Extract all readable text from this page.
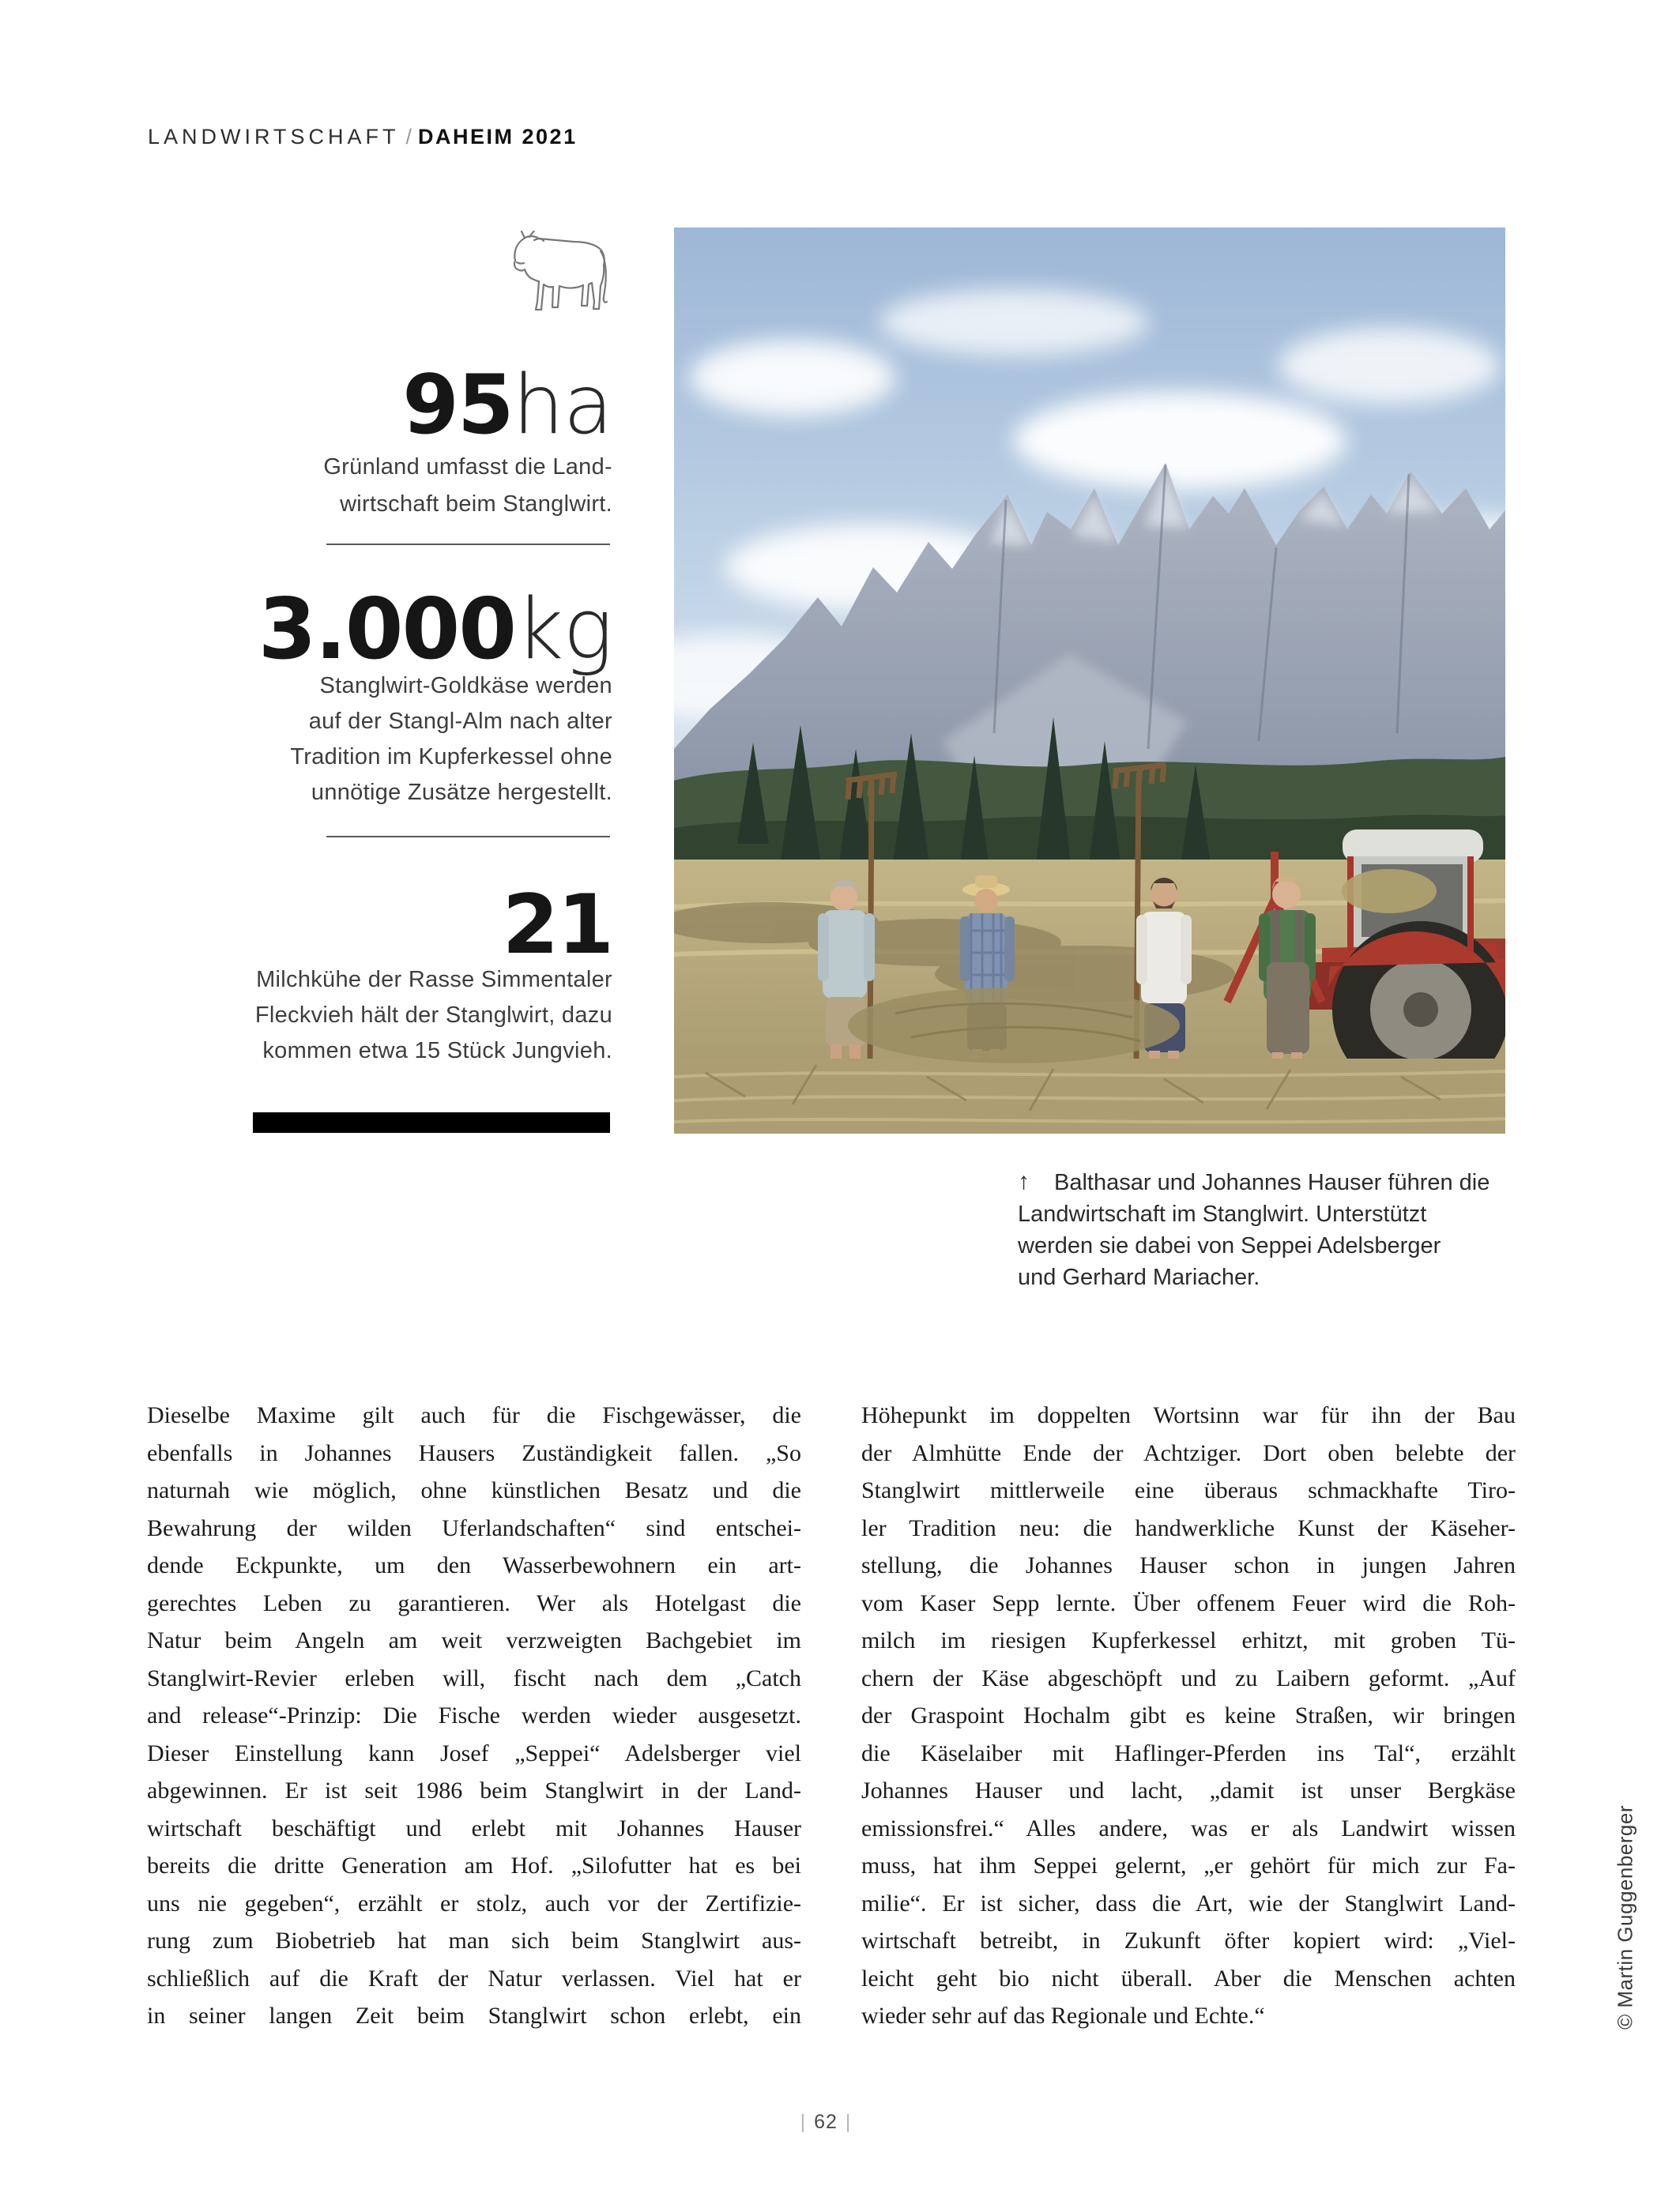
LANDWIRTSCHAFT / DAHEIM 2021
95ha
Grünland umfasst die Land-
wirtschaft beim Stanglwirt.
3.000kg
Stanglwirt-Goldkäse werden
auf der Stangl-Alm nach alter
Tradition im Kupferkessel ohne
unnötige Zusätze hergestellt.
21
Milchkühe der Rasse Simmentaler
Fleckvieh hält der Stanglwirt, dazu
kommen etwa 15 Stück Jungvieh.
↑	Balthasar und Johannes Hauser führen die
Landwirtschaft im Stanglwirt. Unterstützt
werden sie dabei von Seppei Adelsberger
und Gerhard Mariacher.
Dieselbe Maxime gilt auch für die Fischgewässer, die
ebenfalls in Johannes Hausers Zuständigkeit fallen. „So
naturnah wie möglich, ohne künstlichen Besatz und die
Bewahrung der wilden Uferlandschaften“ sind entschei-
dende Eckpunkte, um den Wasserbewohnern ein art-
gerechtes Leben zu garantieren. Wer als Hotelgast die
Natur beim Angeln am weit verzweigten Bachgebiet im
Stanglwirt-Revier erleben will, fischt nach dem „Catch
and release“-Prinzip: Die Fische werden wieder ausgesetzt.
Dieser Einstellung kann Josef „Seppei“ Adelsberger viel
abgewinnen. Er ist seit 1986 beim Stanglwirt in der Land-
wirtschaft beschäftigt und erlebt mit Johannes Hauser
bereits die dritte Generation am Hof. „Silofutter hat es bei
uns nie gegeben“, erzählt er stolz, auch vor der Zertifizie-
rung zum Biobetrieb hat man sich beim Stanglwirt aus-
schließlich auf die Kraft der Natur verlassen. Viel hat er
in seiner langen Zeit beim Stanglwirt schon erlebt, ein
Höhepunkt im doppelten Wortsinn war für ihn der Bau
der Almhütte Ende der Achtziger. Dort oben belebte der
Stanglwirt mittlerweile eine überaus schmackhafte Tiro-
ler Tradition neu: die handwerkliche Kunst der Käseher-
stellung, die Johannes Hauser schon in jungen Jahren
vom Kaser Sepp lernte. Über offenem Feuer wird die Roh-
milch im riesigen Kupferkessel erhitzt, mit groben Tü-
chern der Käse abgeschöpft und zu Laibern geformt. „Auf
der Graspoint Hochalm gibt es keine Straßen, wir bringen
die Käselaiber mit Haflinger-Pferden ins Tal“, erzählt
Johannes Hauser und lacht, „damit ist unser Bergkäse
emissionsfrei.“ Alles andere, was er als Landwirt wissen
muss, hat ihm Seppei gelernt, „er gehört für mich zur Fa-
milie“. Er ist sicher, dass die Art, wie der Stanglwirt Land-
wirtschaft betreibt, in Zukunft öfter kopiert wird: „Viel-
leicht geht bio nicht überall. Aber die Menschen achten
wieder sehr auf das Regionale und Echte.“
| 62 |
© Martin Guggenberger
